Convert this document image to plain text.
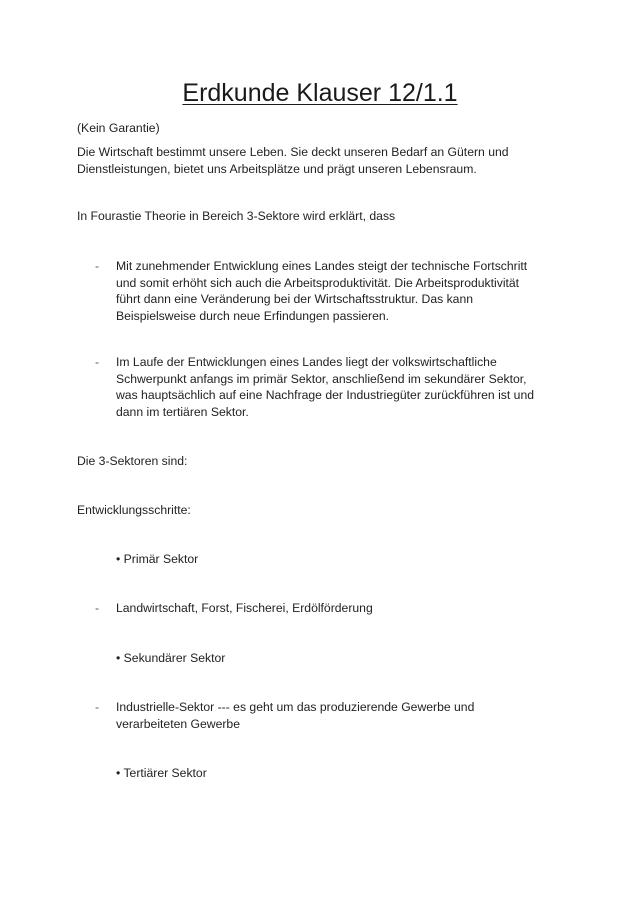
Erdkunde Klauser 12/1.1
(Kein Garantie)
Die Wirtschaft bestimmt unsere Leben. Sie deckt unseren Bedarf an Gütern und
Dienstleistungen, bietet uns Arbeitsplätze und prägt unseren Lebensraum.
In Fourastie Theorie in Bereich 3-Sektore wird erklärt, dass
- Mit zunehmender Entwicklung eines Landes steigt der technische Fortschritt
und somit erhöht sich auch die Arbeitsproduktivität. Die Arbeitsproduktivität
führt dann eine Veränderung bei der Wirtschaftsstruktur. Das kann
Beispielsweise durch neue Erfindungen passieren.
- Im Laufe der Entwicklungen eines Landes liegt der volkswirtschaftliche
Schwerpunkt anfangs im primär Sektor, anschließend im sekundärer Sektor,
was hauptsächlich auf eine Nachfrage der Industriegüter zurückführen ist und
dann im tertiären Sektor.
Die 3-Sektoren sind:
Entwicklungsschritte:
• Primär Sektor
- Landwirtschaft, Forst, Fischerei, Erdölförderung
• Sekundärer Sektor
- Industrielle-Sektor --- es geht um das produzierende Gewerbe und
verarbeiteten Gewerbe
• Tertiärer Sektor
